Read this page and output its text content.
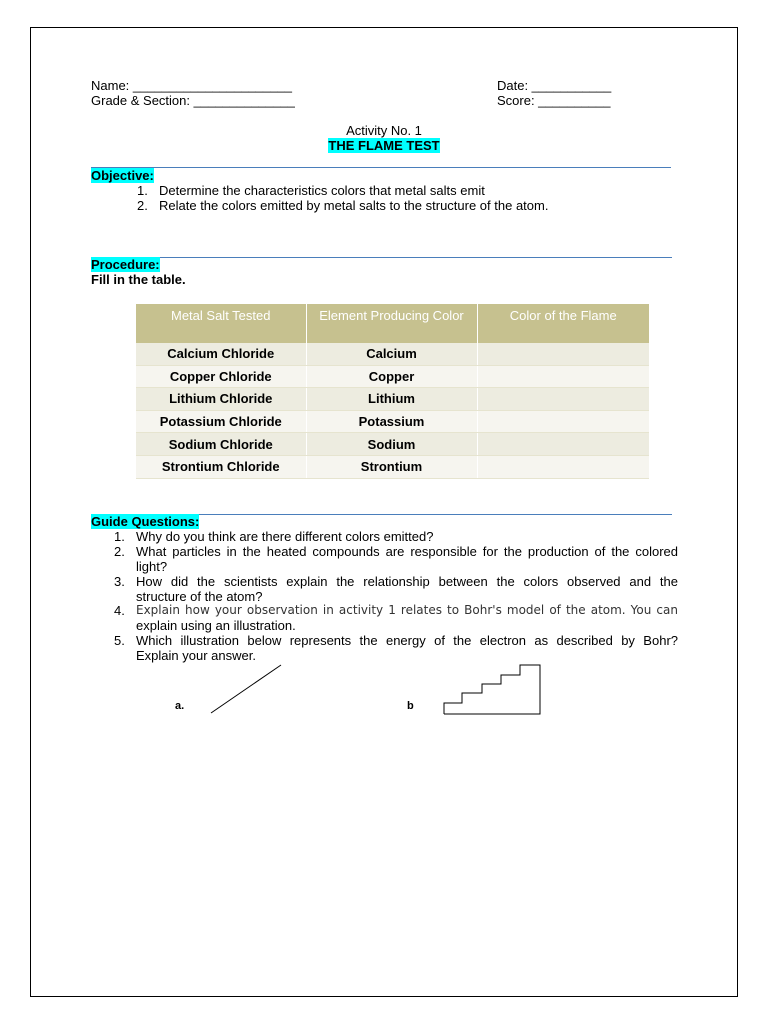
Name: ______________________
Grade & Section: ______________
Date: ___________
Score: __________
Activity No. 1
THE FLAME TEST
Objective:
1. Determine the characteristics colors that metal salts emit
2. Relate the colors emitted by metal salts to the structure of the atom.
Procedure:
Fill in the table.
Metal Salt Tested	Element Producing Color	Color of the Flame
Calcium Chloride	Calcium	
Copper Chloride	Copper	
Lithium Chloride	Lithium	
Potassium Chloride	Potassium	
Sodium Chloride	Sodium	
Strontium Chloride	Strontium	
Guide Questions:
1. Why do you think are there different colors emitted?
2. What particles in the heated compounds are responsible for the production of the colored
light?
3. How did the scientists explain the relationship between the colors observed and the
structure of the atom?
4. Explain how your observation in activity 1 relates to Bohr's model of the atom. You can
explain using an illustration.
5. Which illustration below represents the energy of the electron as described by Bohr?
Explain your answer.
a.	b
